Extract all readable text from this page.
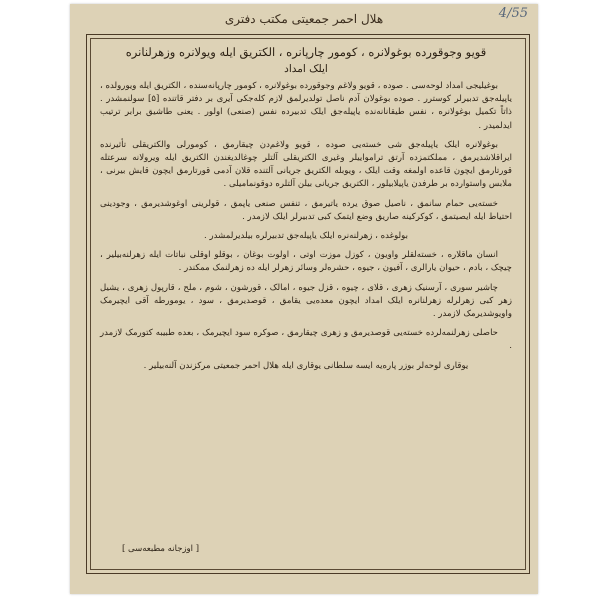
هلال احمر جمعیتی مکتب دفتری	4/55
قویو وجوقورده بوغولانره ، کومور چارپانره ، الکتریق ایله ویولانره وزهرلنانره
ایلک امداد

بوغیلیجی امداد لوحه‌سی . صوده ، قویو ولاغم وجوقورده بوغولانره ، کومور چارپانه‌سنده ، الکتریق ایله ویورولده ، یاپیله‌جق تدبیرلر کوسترر . صوده بوغولان آدم ناصل تولدیرلمق لازم کله‌جکی آیری بر دفتر قاتنده [۵] سولنمشدر . ذاتاً تکمیل بوغولانره ، نفس طیقانانه‌نده یاپیله‌جق ایلک تدبیرده نفس (صنعی) اولور . یعنی طاشیق برابر ترتیب ایدلمیدر .

بوغولانره ایلک یاپیله‌جق شی خسته‌یی صوده ، قویو ولاغم‌دن چیقارمق ، کومورلی والکتریقلی تأثیرنده ایراقلاشدیرمق ، مملکتمزده آرتق ترامواییلر وغیری الکتریقلی آلتلر چوغالدیغندن الکتریق ایله ویرولانه سرعتله قورتارمق ایچون قاعده اولمغه وقت ایلک ، ویوبله الکتریق جریانی آلتنده قلان آدمی قورتارمق ایچون قایش بیرنی ، ملابس واستوارده بر طرفدن یاپیلابیلور ، الکتریق جریانی بیلن آلتلره دوقونمامیلی .

خسته‌یی حمام سانمق ، ناصیل صوق یرده یاتیرمق ، تنفس صنعی یاپمق ، قولرینی اوغوشدیرمق ، وجودینی احتیاط ایله ایصیتمق ، کوکرکینه صاریق وضع ایتمک کبی تدبیرلر ایلک لازمدر .

بولوغده ، زهرلنه‌نره ایلک یاپیله‌جق تدبیرلره بیلدیرلمشدر .

انسان ماقلاره ، خسته‌لقلر واویون ، کوزل موزت اوتی ، اولوت بوغان ، بوقلو اوقلی نباتات ایله زهرلنه‌بیلیر ، چیچک ، بادم ، حیوان یارالری ، آفیون ، جیوه ، حشره‌لر وسائر زهرلر ایله ده زهرلنمک ممکندر .

چاشیر سوری ، آرسنیک زهری ، قلای ، چیوه ، قزل جیوه ، امالک ، قورشون ، شوم ، ملح ، قارپول زهری ، یشیل زهر کبی زهرلرله زهرلنانره ایلک امداد ایچون معده‌یی یقامق ، قوصدیرمق ، سود ، یومورطه آقی ایچیرمک واویوشدیرمک لازمدر .

حاصلی زهرلنمه‌لرده خسته‌یی قوصدیرمق و زهری چیقارمق ، صوکره سود ایچیرمک ، بعده طبیبه کتورمک لازمدر .

یوقاری لوحه‌لر بوزر پاره‌یه ایسه سلطانی یوقاری ایله هلال احمر جمعیتی مرکزندن آلنه‌بیلیر .

[ اوزجانه مطبعه‌سی ]
